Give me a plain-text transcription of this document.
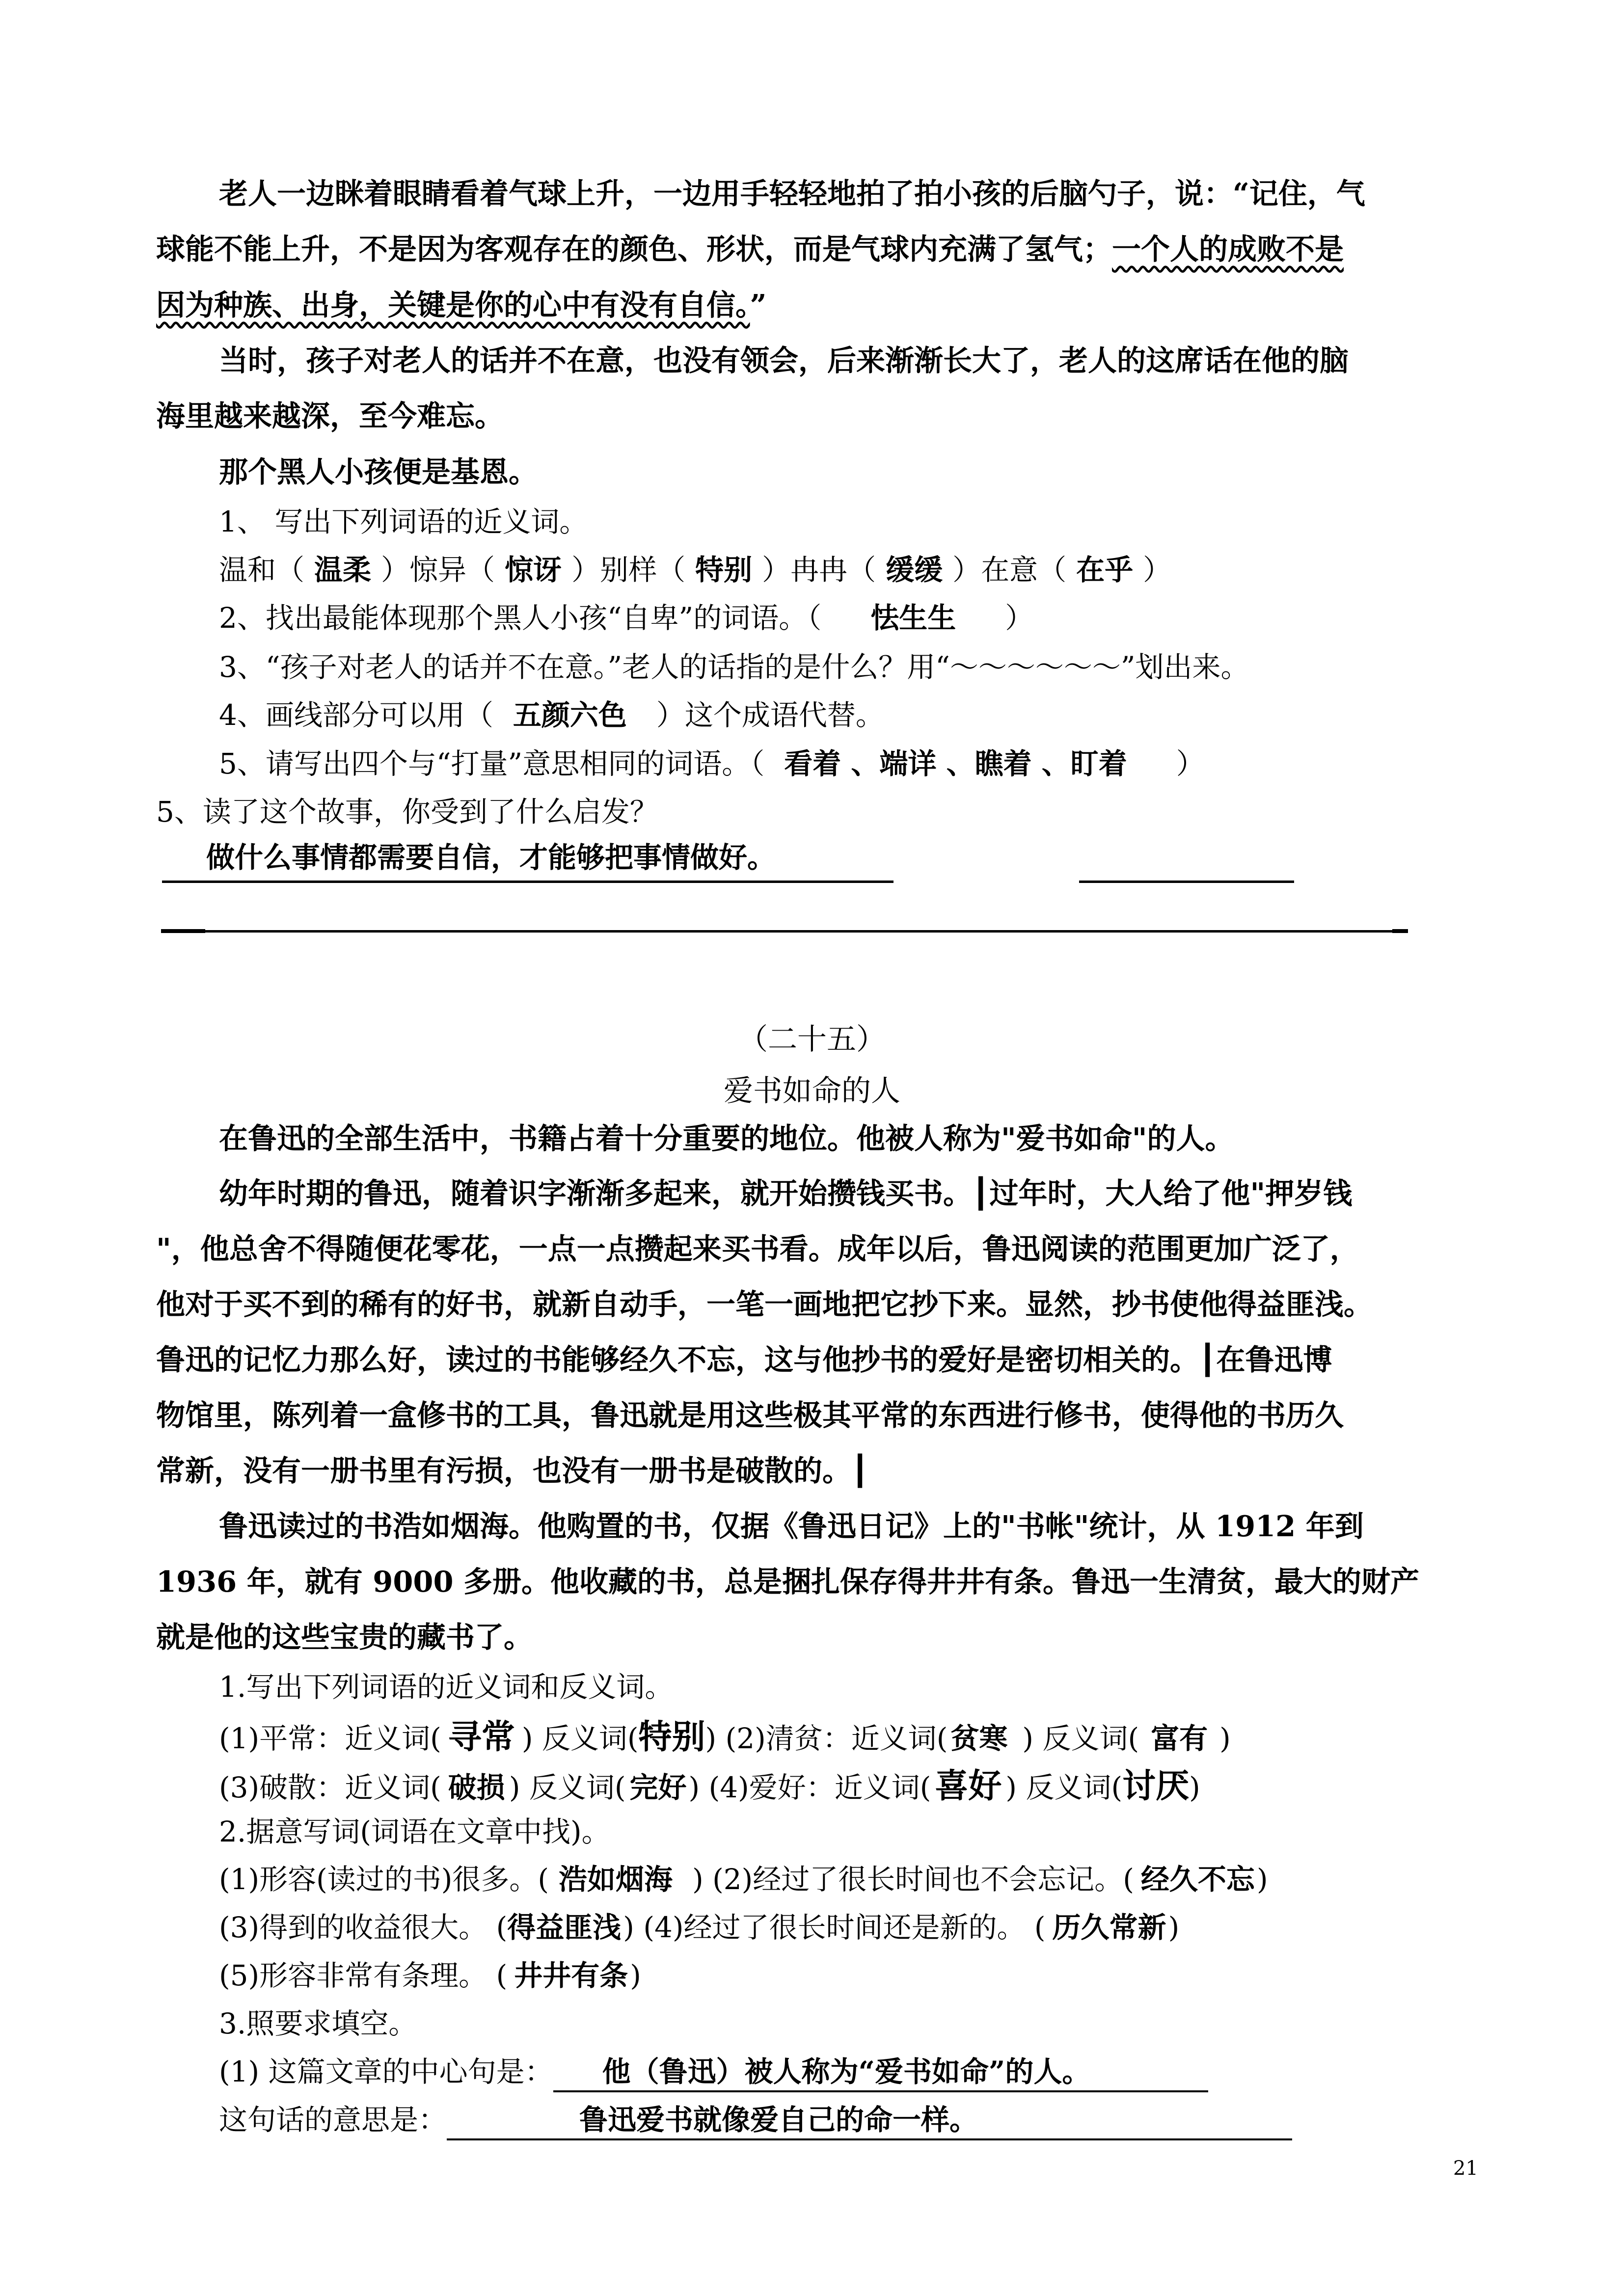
老人一边眯着眼睛看着气球上升，一边用手轻轻地拍了拍小孩的后脑勺子，说：“记住，气
球能不能上升，不是因为客观存在的颜色、形状，而是气球内充满了氢气；一个人的成败不是
因为种族、出身，关键是你的心中有没有自信。”
当时，孩子对老人的话并不在意，也没有领会，后来渐渐长大了，老人的这席话在他的脑
海里越来越深，至今难忘。
那个黑人小孩便是基恩。
1、 写出下列词语的近义词。
温和（ 温柔 ）惊异（ 惊讶 ）别样（ 特别 ）冉冉（ 缓缓 ）在意（ 在乎 ）
2、找出最能体现那个黑人小孩“自卑”的词语。（ 怯生生 ）
3、“孩子对老人的话并不在意。”老人的话指的是什么？用“～～～～～～”划出来。
4、画线部分可以用（ 五颜六色 ）这个成语代替。
5、请写出四个与“打量”意思相同的词语。（ 看着 、端详 、瞧着 、盯着 ）
5、读了这个故事，你受到了什么启发？
做什么事情都需要自信，才能够把事情做好。
（二十五）
爱书如命的人
在鲁迅的全部生活中，书籍占着十分重要的地位。他被人称为"爱书如命"的人。
幼年时期的鲁迅，随着识字渐渐多起来，就开始攒钱买书。┃过年时，大人给了他"押岁钱
"，他总舍不得随便花零花，一点一点攒起来买书看。成年以后，鲁迅阅读的范围更加广泛了，
他对于买不到的稀有的好书，就新自动手，一笔一画地把它抄下来。显然，抄书使他得益匪浅。
鲁迅的记忆力那么好，读过的书能够经久不忘，这与他抄书的爱好是密切相关的。┃在鲁迅博
物馆里，陈列着一盒修书的工具，鲁迅就是用这些极其平常的东西进行修书，使得他的书历久
常新，没有一册书里有污损，也没有一册书是破散的。┃
鲁迅读过的书浩如烟海。他购置的书，仅据《鲁迅日记》上的"书帐"统计，从 1912 年到
1936 年，就有 9000 多册。他收藏的书，总是捆扎保存得井井有条。鲁迅一生清贫，最大的财产
就是他的这些宝贵的藏书了。
1.写出下列词语的近义词和反义词。
(1)平常：近义词( 寻常 ) 反义词(特别) (2)清贫：近义词( 贫寒 ) 反义词( 富有 )
(3)破散：近义词( 破损 ) 反义词( 完好) (4)爱好：近义词( 喜好 ) 反义词(讨厌)
2.据意写词(词语在文章中找)。
(1)形容(读过的书)很多。( 浩如烟海 ) (2)经过了很长时间也不会忘记。( 经久不忘)
(3)得到的收益很大。 (得益匪浅) (4)经过了很长时间还是新的。 ( 历久常新)
(5)形容非常有条理。 ( 井井有条)
3.照要求填空。
(1) 这篇文章的中心句是： 他（鲁迅）被人称为“爱书如命”的人。
这句话的意思是：	鲁迅爱书就像爱自己的命一样。
21
